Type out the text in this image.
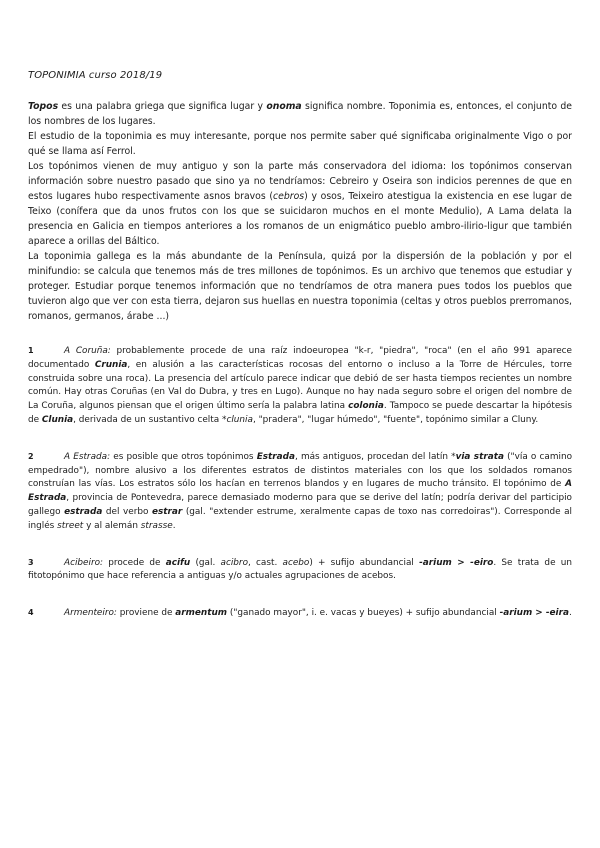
TOPONIMIA curso 2018/19

Topos es una palabra griega que significa lugar y onoma significa nombre. Toponimia es, entonces, el conjunto de los nombres de los lugares.

El estudio de la toponimia es muy interesante, porque nos permite saber qué significaba originalmente Vigo o por qué se llama así Ferrol.

Los topónimos vienen de muy antiguo y son la parte más conservadora del idioma: los topónimos conservan información sobre nuestro pasado que sino ya no tendríamos: Cebreiro y Oseira son indicios perennes de que en estos lugares hubo respectivamente asnos bravos (cebros) y osos, Teixeiro atestigua la existencia en ese lugar de Teixo (conífera que da unos frutos con los que se suicidaron muchos en el monte Medulio), A Lama delata la presencia en Galicia en tiempos anteriores a los romanos de un enigmático pueblo ambro-ilirio-ligur que también aparece a orillas del Báltico.

La toponimia gallega es la más abundante de la Península, quizá por la dispersión de la población y por el minifundio: se calcula que tenemos más de tres millones de topónimos. Es un archivo que tenemos que estudiar y proteger. Estudiar porque tenemos información que no tendríamos de otra manera pues todos los pueblos que tuvieron algo que ver con esta tierra, dejaron sus huellas en nuestra toponimia (celtas y otros pueblos prerromanos, romanos, germanos, árabe ...)

1	A Coruña: probablemente procede de una raíz indoeuropea "k-r, "piedra", "roca" (en el año 991 aparece documentado Crunia, en alusión a las características rocosas del entorno o incluso a la Torre de Hércules, torre construida sobre una roca). La presencia del artículo parece indicar que debió de ser hasta tiempos recientes un nombre común. Hay otras Coruñas (en Val do Dubra, y tres en Lugo). Aunque no hay nada seguro sobre el origen del nombre de La Coruña, algunos piensan que el origen último sería la palabra latina colonia. Tampoco se puede descartar la hipótesis de Clunia, derivada de un sustantivo celta *clunia, "pradera", "lugar húmedo", "fuente", topónimo similar a Cluny.

2	A Estrada: es posible que otros topónimos Estrada, más antiguos, procedan del latín *via strata ("vía o camino empedrado"), nombre alusivo a los diferentes estratos de distintos materiales con los que los soldados romanos construían las vías. Los estratos sólo los hacían en terrenos blandos y en lugares de mucho tránsito. El topónimo de A Estrada, provincia de Pontevedra, parece demasiado moderno para que se derive del latín; podría derivar del participio gallego estrada del verbo estrar (gal. "extender estrume, xeralmente capas de toxo nas corredoiras"). Corresponde al inglés street y al alemán strasse.

3	Acibeiro: procede de acifu (gal. acibro, cast. acebo) + sufijo abundancial -arium > -eiro. Se trata de un fitotopónimo que hace referencia a antiguas y/o actuales agrupaciones de acebos.

4	Armenteiro: proviene de armentum ("ganado mayor", i. e. vacas y bueyes) + sufijo abundancial -arium > -eira.
